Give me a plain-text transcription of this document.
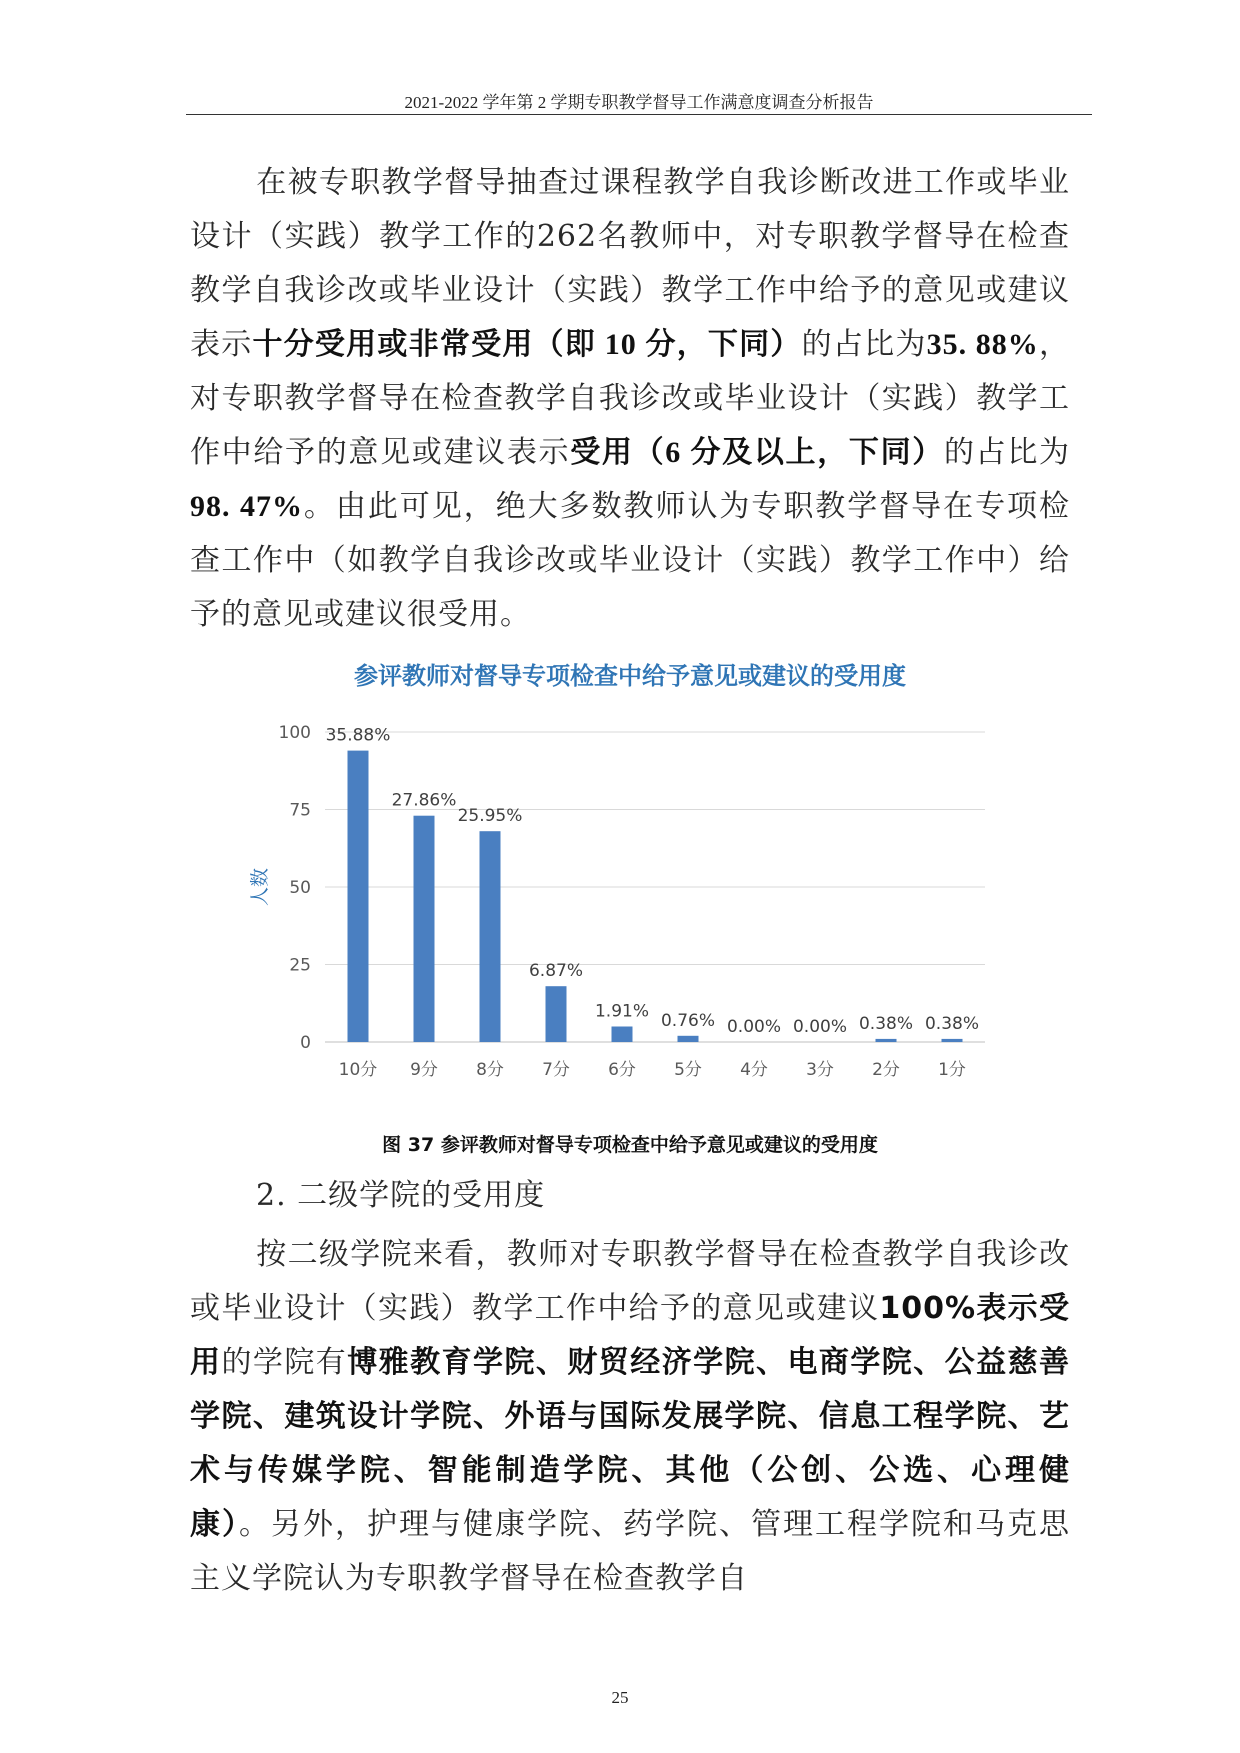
2021-2022 学年第 2 学期专职教学督导工作满意度调查分析报告

在被专职教学督导抽查过课程教学自我诊断改进工作或毕业设计（实践）教学工作的262名教师中，对专职教学督导在检查教学自我诊改或毕业设计（实践）教学工作中给予的意见或建议表示十分受用或非常受用（即 10 分，下同）的占比为35. 88%，对专职教学督导在检查教学自我诊改或毕业设计（实践）教学工作中给予的意见或建议表示受用（6 分及以上，下同）的占比为98. 47%。由此可见，绝大多数教师认为专职教学督导在专项检查工作中（如教学自我诊改或毕业设计（实践）教学工作中）给予的意见或建议很受用。

参评教师对督导专项检查中给予意见或建议的受用度
0
25
50
75
100
人数
35.88%
10分
27.86%
9分
25.95%
8分
6.87%
7分
1.91%
6分
0.76%
5分
0.00%
4分
0.00%
3分
0.38%
2分
0.38%
1分
图 37 参评教师对督导专项检查中给予意见或建议的受用度
2. 二级学院的受用度

按二级学院来看，教师对专职教学督导在检查教学自我诊改或毕业设计（实践）教学工作中给予的意见或建议100%表示受用的学院有博雅教育学院、财贸经济学院、电商学院、公益慈善学院、建筑设计学院、外语与国际发展学院、信息工程学院、艺术与传媒学院、智能制造学院、其他（公创、公选、心理健康）。另外，护理与健康学院、药学院、管理工程学院和马克思主义学院认为专职教学督导在检查教学自

25
